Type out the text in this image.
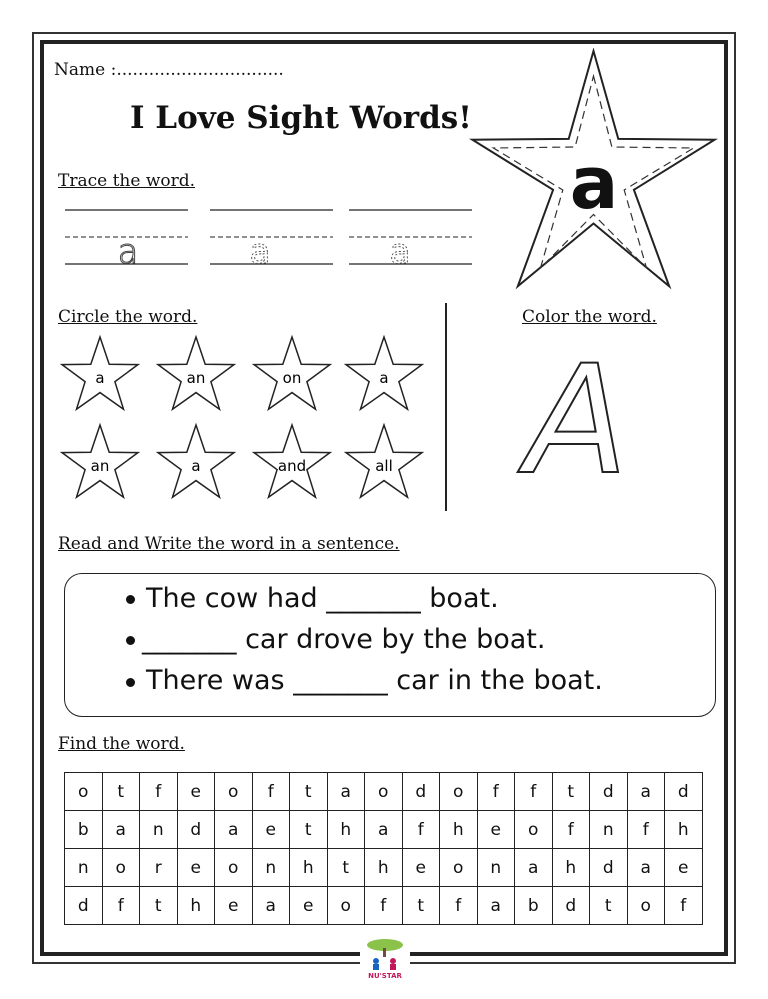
Name :...............................
I Love Sight Words!
a
Trace the word.
a	a	a
Circle the word.
a	an	on	a
an	a	and	all
Color the word.
A
Read and Write the word in a sentence.
The cow had _______ boat.
_______ car drove by the boat.
There was _______ car in the boat.
Find the word.
o	t	f	e	o	f	t	a	o	d	o	f	f	t	d	a	d
b	a	n	d	a	e	t	h	a	f	h	e	o	f	n	f	h
n	o	r	e	o	n	h	t	h	e	o	n	a	h	d	a	e
d	f	t	h	e	a	e	o	f	t	f	a	b	d	t	o	f
NU'STAR
